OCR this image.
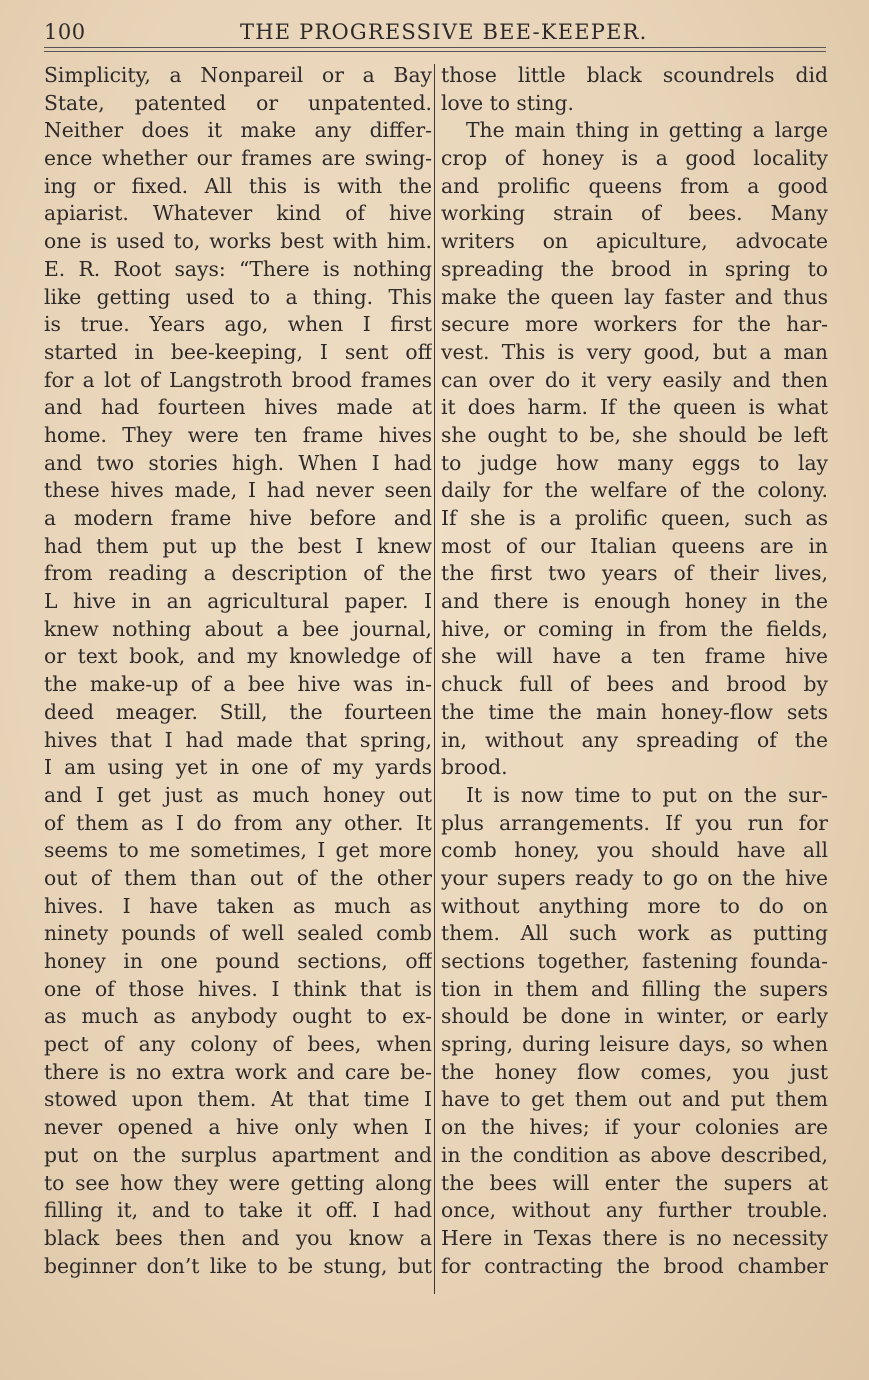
100	THE PROGRESSIVE BEE-KEEPER.
Simplicity, a Nonpareil or a Bay
State, patented or unpatented.
Neither does it make any differ-
ence whether our frames are swing-
ing or fixed. All this is with the
apiarist. Whatever kind of hive
one is used to, works best with him.
E. R. Root says: “There is nothing
like getting used to a thing. This
is true. Years ago, when I first
started in bee-keeping, I sent off
for a lot of Langstroth brood frames
and had fourteen hives made at
home. They were ten frame hives
and two stories high. When I had
these hives made, I had never seen
a modern frame hive before and
had them put up the best I knew
from reading a description of the
L hive in an agricultural paper. I
knew nothing about a bee journal,
or text book, and my knowledge of
the make-up of a bee hive was in-
deed meager. Still, the fourteen
hives that I had made that spring,
I am using yet in one of my yards
and I get just as much honey out
of them as I do from any other. It
seems to me sometimes, I get more
out of them than out of the other
hives. I have taken as much as
ninety pounds of well sealed comb
honey in one pound sections, off
one of those hives. I think that is
as much as anybody ought to ex-
pect of any colony of bees, when
there is no extra work and care be-
stowed upon them. At that time I
never opened a hive only when I
put on the surplus apartment and
to see how they were getting along
filling it, and to take it off. I had
black bees then and you know a
beginner don’t like to be stung, but
those little black scoundrels did
love to sting.
The main thing in getting a large
crop of honey is a good locality
and prolific queens from a good
working strain of bees. Many
writers on apiculture, advocate
spreading the brood in spring to
make the queen lay faster and thus
secure more workers for the har-
vest. This is very good, but a man
can over do it very easily and then
it does harm. If the queen is what
she ought to be, she should be left
to judge how many eggs to lay
daily for the welfare of the colony.
If she is a prolific queen, such as
most of our Italian queens are in
the first two years of their lives,
and there is enough honey in the
hive, or coming in from the fields,
she will have a ten frame hive
chuck full of bees and brood by
the time the main honey-flow sets
in, without any spreading of the
brood.
It is now time to put on the sur-
plus arrangements. If you run for
comb honey, you should have all
your supers ready to go on the hive
without anything more to do on
them. All such work as putting
sections together, fastening founda-
tion in them and filling the supers
should be done in winter, or early
spring, during leisure days, so when
the honey flow comes, you just
have to get them out and put them
on the hives; if your colonies are
in the condition as above described,
the bees will enter the supers at
once, without any further trouble.
Here in Texas there is no necessity
for contracting the brood chamber
